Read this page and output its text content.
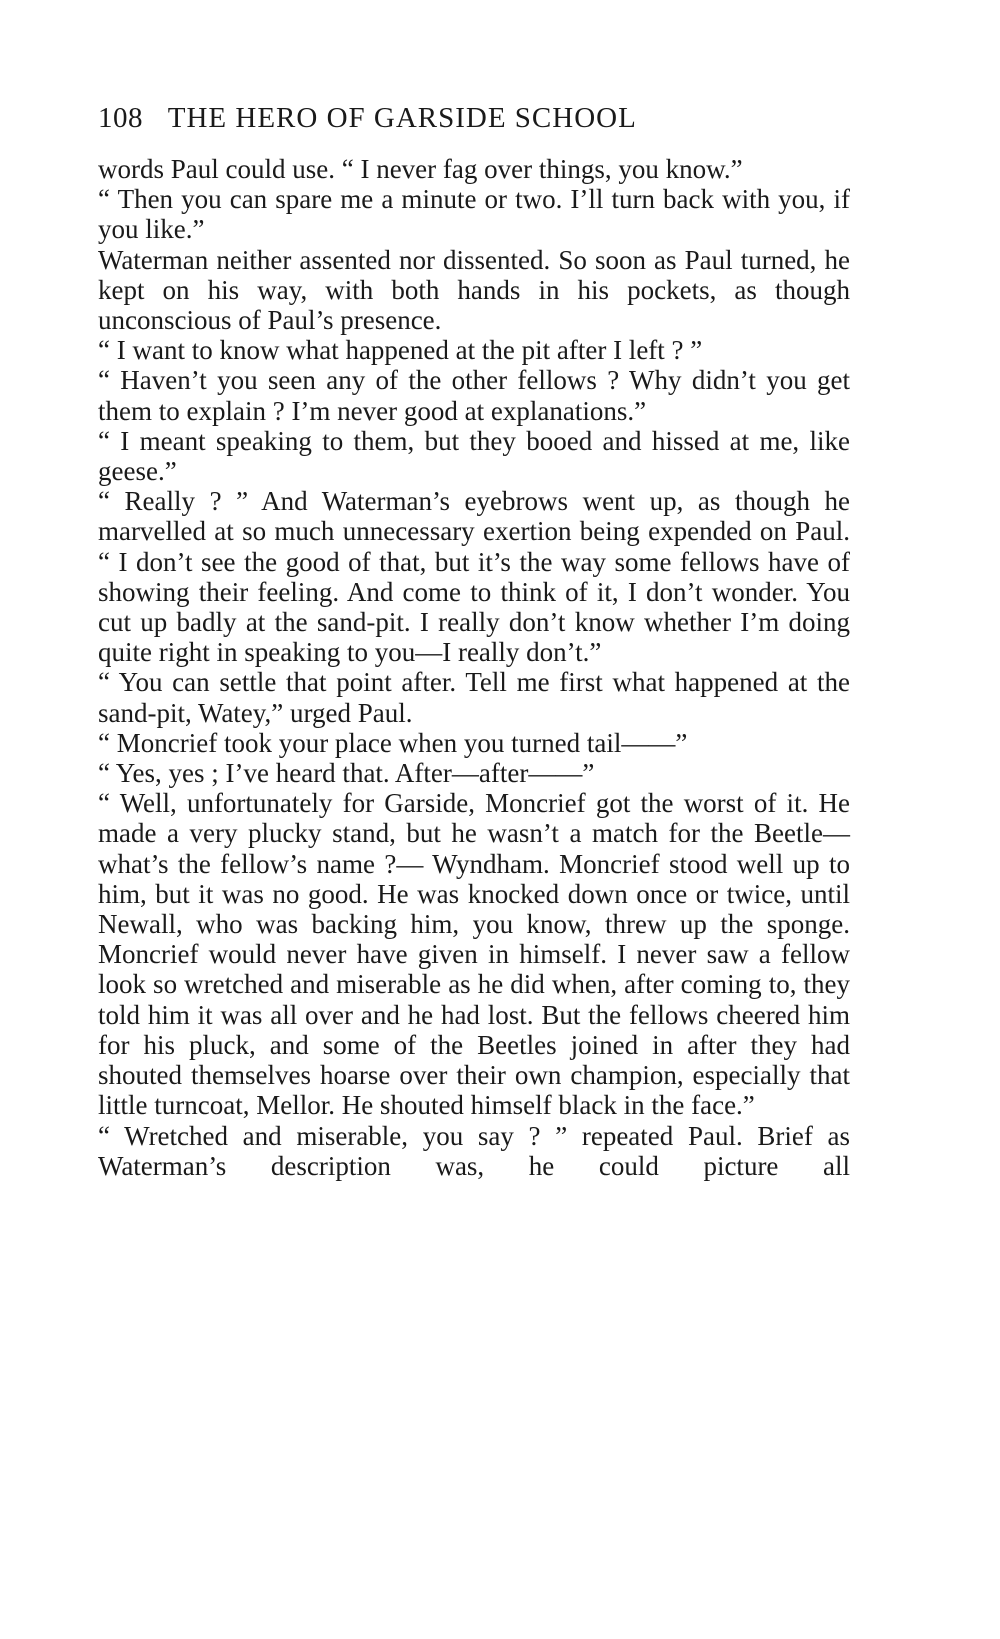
108 THE HERO OF GARSIDE SCHOOL

words Paul could use. “ I never fag over things, you know.”

“ Then you can spare me a minute or two. I’ll turn back with you, if you like.”

Waterman neither assented nor dissented. So soon as Paul turned, he kept on his way, with both hands in his pockets, as though unconscious of Paul’s presence.

“ I want to know what happened at the pit after I left ? ”

“ Haven’t you seen any of the other fellows ? Why didn’t you get them to explain ? I’m never good at explanations.”

“ I meant speaking to them, but they booed and hissed at me, like geese.”

“ Really ? ” And Waterman’s eyebrows went up, as though he marvelled at so much unnecessary exertion being expended on Paul. “ I don’t see the good of that, but it’s the way some fellows have of showing their feeling. And come to think of it, I don’t wonder. You cut up badly at the sand-pit. I really don’t know whether I’m doing quite right in speaking to you—I really don’t.”

“ You can settle that point after. Tell me first what happened at the sand-pit, Watey,” urged Paul.

“ Moncrief took your place when you turned tail——”

“ Yes, yes ; I’ve heard that. After—after——”

“ Well, unfortunately for Garside, Moncrief got the worst of it. He made a very plucky stand, but he wasn’t a match for the Beetle—what’s the fellow’s name ?— Wyndham. Moncrief stood well up to him, but it was no good. He was knocked down once or twice, until Newall, who was backing him, you know, threw up the sponge. Moncrief would never have given in himself. I never saw a fellow look so wretched and miserable as he did when, after coming to, they told him it was all over and he had lost. But the fellows cheered him for his pluck, and some of the Beetles joined in after they had shouted themselves hoarse over their own champion, especially that little turncoat, Mellor. He shouted himself black in the face.”

“ Wretched and miserable, you say ? ” repeated Paul. Brief as Waterman’s description was, he could picture all
